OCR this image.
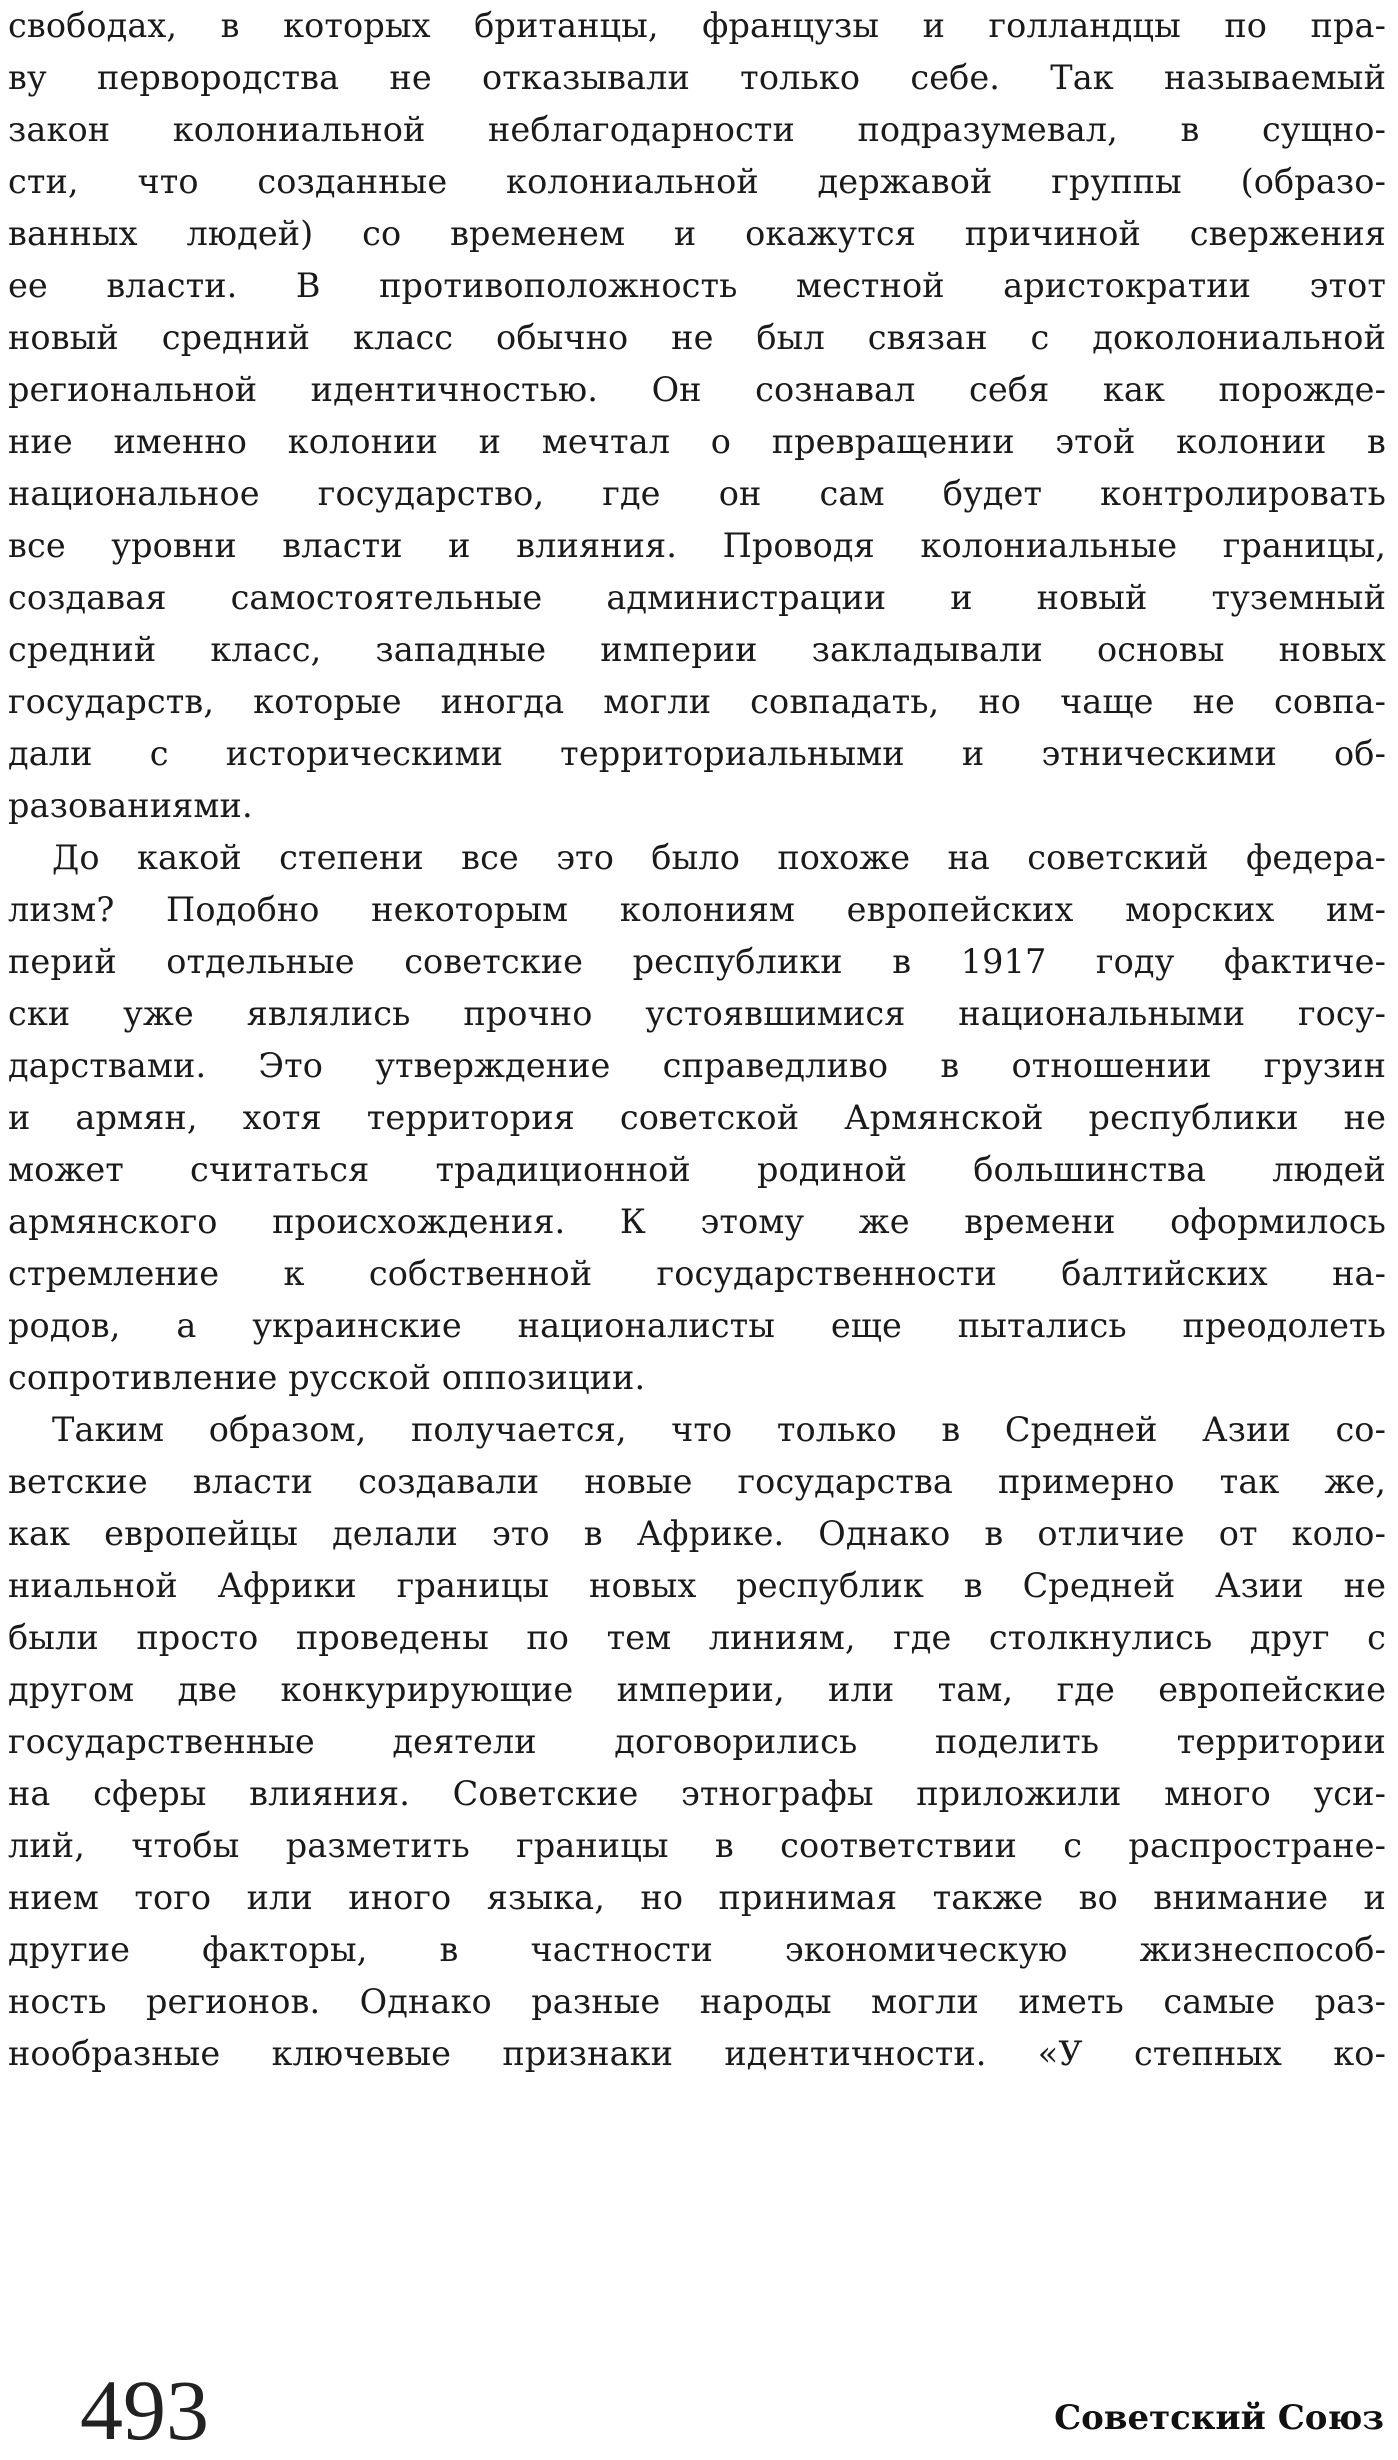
свободах, в которых британцы, французы и голландцы по пра-
ву первородства не отказывали только себе. Так называемый
закон колониальной неблагодарности подразумевал, в сущно-
сти, что созданные колониальной державой группы (образо-
ванных людей) со временем и окажутся причиной свержения
ее власти. В противоположность местной аристократии этот
новый средний класс обычно не был связан с доколониальной
региональной идентичностью. Он сознавал себя как порожде-
ние именно колонии и мечтал о превращении этой колонии в
национальное государство, где он сам будет контролировать
все уровни власти и влияния. Проводя колониальные границы,
создавая самостоятельные администрации и новый туземный
средний класс, западные империи закладывали основы новых
государств, которые иногда могли совпадать, но чаще не совпа-
дали с историческими территориальными и этническими об-
разованиями.
До какой степени все это было похоже на советский федера-
лизм? Подобно некоторым колониям европейских морских им-
перий отдельные советские республики в 1917 году фактиче-
ски уже являлись прочно устоявшимися национальными госу-
дарствами. Это утверждение справедливо в отношении грузин
и армян, хотя территория советской Армянской республики не
может считаться традиционной родиной большинства людей
армянского происхождения. К этому же времени оформилось
стремление к собственной государственности балтийских на-
родов, а украинские националисты еще пытались преодолеть
сопротивление русской оппозиции.
Таким образом, получается, что только в Средней Азии со-
ветские власти создавали новые государства примерно так же,
как европейцы делали это в Африке. Однако в отличие от коло-
ниальной Африки границы новых республик в Средней Азии не
были просто проведены по тем линиям, где столкнулись друг с
другом две конкурирующие империи, или там, где европейские
государственные деятели договорились поделить территории
на сферы влияния. Советские этнографы приложили много уси-
лий, чтобы разметить границы в соответствии с распростране-
нием того или иного языка, но принимая также во внимание и
другие факторы, в частности экономическую жизнеспособ-
ность регионов. Однако разные народы могли иметь самые раз-
нообразные ключевые признаки идентичности. «У степных ко-
493	Советский Союз
